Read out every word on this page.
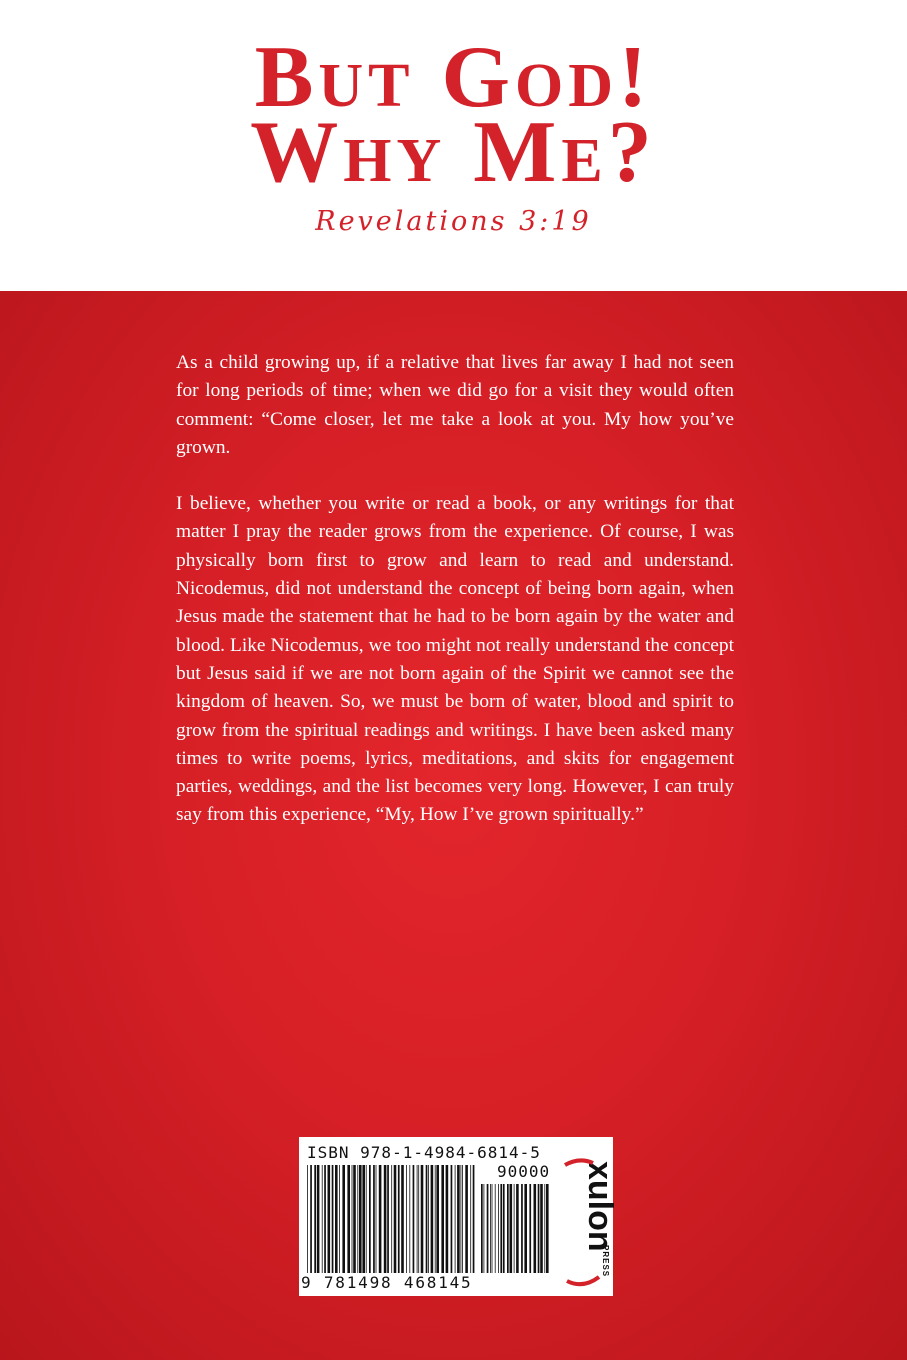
But God!
Why Me?
Revelations 3:19

As a child growing up, if a relative that lives far away I had not seen for long periods of time; when we did go for a visit they would often comment: “Come closer, let me take a look at you. My how you’ve grown.

I believe, whether you write or read a book, or any writings for that matter I pray the reader grows from the experience. Of course, I was physically born first to grow and learn to read and understand. Nicodemus, did not understand the concept of being born again, when Jesus made the statement that he had to be born again by the water and blood. Like Nicodemus, we too might not really understand the concept but Jesus said if we are not born again of the Spirit we cannot see the kingdom of heaven. So, we must be born of water, blood and spirit to grow from the spiritual readings and writings. I have been asked many times to write poems, lyrics, meditations, and skits for engagement parties, weddings, and the list becomes very long. However, I can truly say from this experience, “My, How I’ve grown spiritually.”

ISBN 978-1-4984-6814-5
90000
9 781498 468145
xulon
PRESS
